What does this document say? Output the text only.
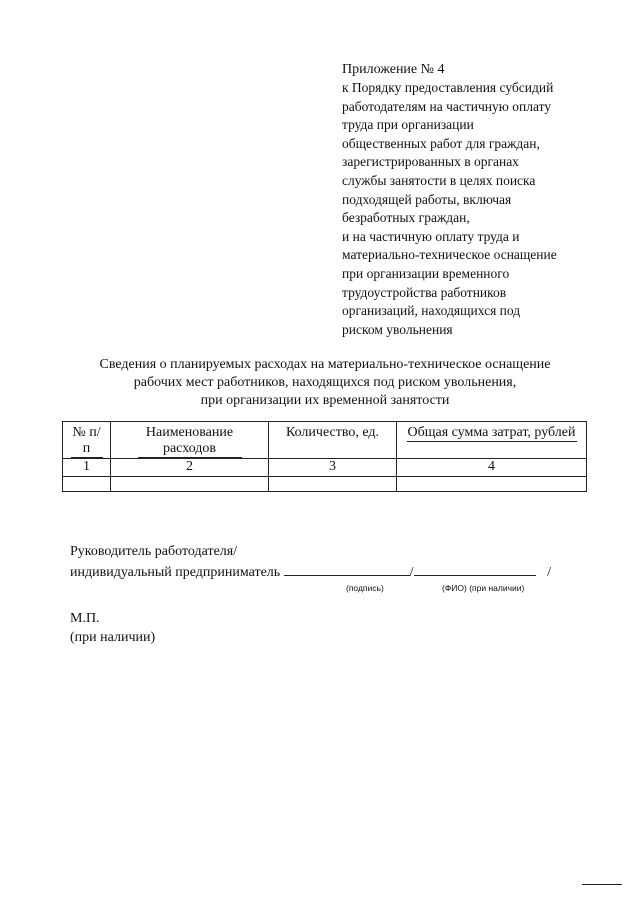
Приложение № 4
к Порядку предоставления субсидий
работодателям на частичную оплату
труда при организации
общественных работ для граждан,
зарегистрированных в органах
службы занятости в целях поиска
подходящей работы, включая
безработных граждан,
и на частичную оплату труда и
материально-техническое оснащение
при организации временного
трудоустройства работников
организаций, находящихся под
риском увольнения
Сведения о планируемых расходах на материально-техническое оснащение
рабочих мест работников, находящихся под риском увольнения,
при организации их временной занятости
№ п/п	Наименование расходов	Количество, ед.	Общая сумма затрат, рублей
1	2	3	4

Руководитель работодателя/
индивидуальный предприниматель	/	/
(подпись)	(ФИО) (при наличии)
М.П.
(при наличии)
